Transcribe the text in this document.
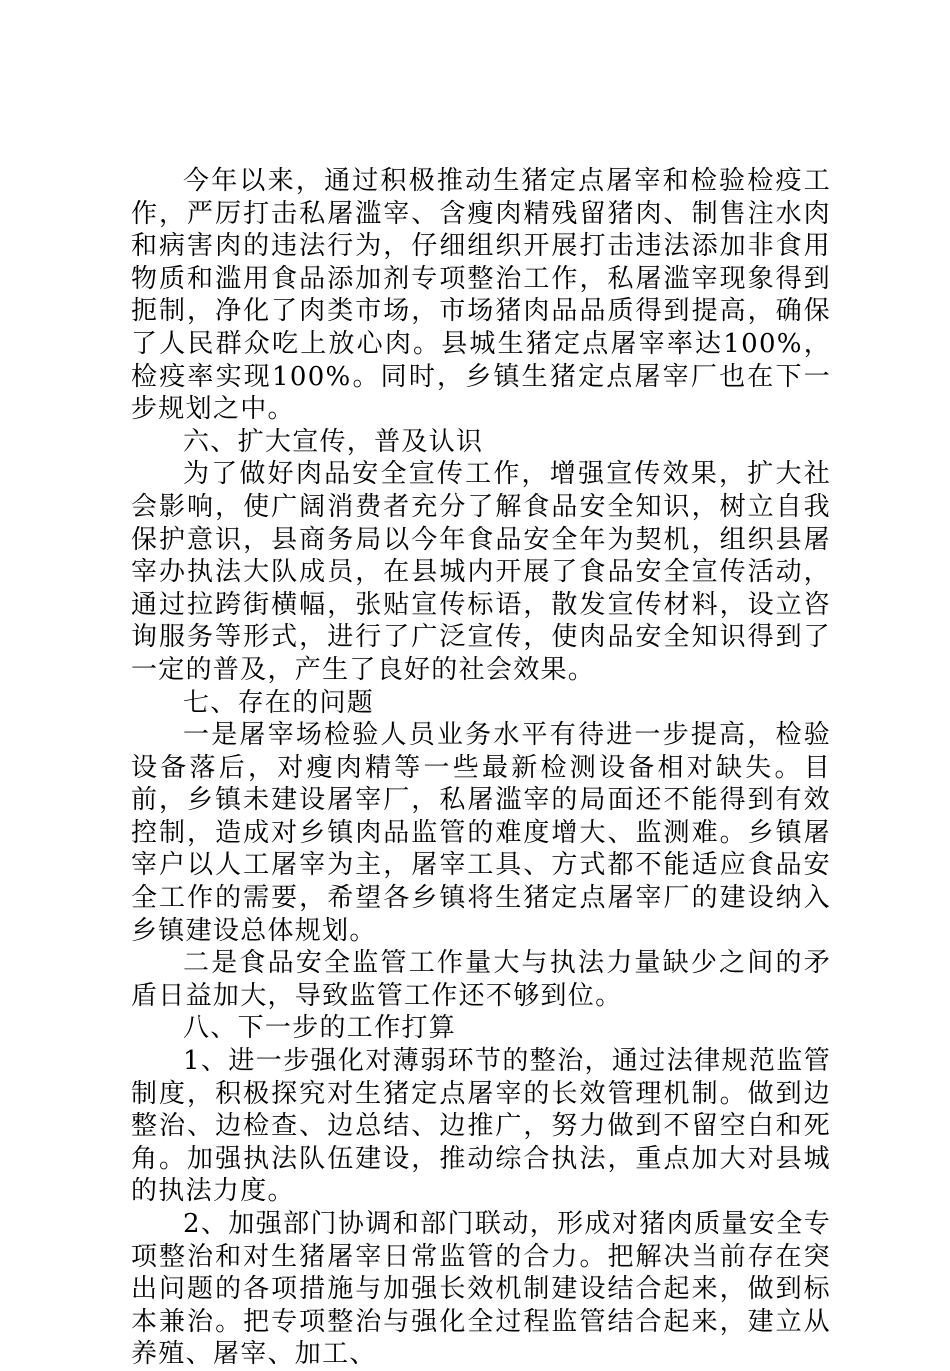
今年以来，通过积极推动生猪定点屠宰和检验检疫工作，严厉打击私屠滥宰、含瘦肉精残留猪肉、制售注水肉和病害肉的违法行为，仔细组织开展打击违法添加非食用物质和滥用食品添加剂专项整治工作，私屠滥宰现象得到扼制，净化了肉类市场，市场猪肉品品质得到提高，确保了人民群众吃上放心肉。县城生猪定点屠宰率达100%，检疫率实现100%。同时，乡镇生猪定点屠宰厂也在下一步规划之中。

六、扩大宣传，普及认识

为了做好肉品安全宣传工作，增强宣传效果，扩大社会影响，使广阔消费者充分了解食品安全知识，树立自我保护意识，县商务局以今年食品安全年为契机，组织县屠宰办执法大队成员，在县城内开展了食品安全宣传活动，通过拉跨街横幅，张贴宣传标语，散发宣传材料，设立咨询服务等形式，进行了广泛宣传，使肉品安全知识得到了一定的普及，产生了良好的社会效果。

七、存在的问题

一是屠宰场检验人员业务水平有待进一步提高，检验设备落后，对瘦肉精等一些最新检测设备相对缺失。目前，乡镇未建设屠宰厂，私屠滥宰的局面还不能得到有效控制，造成对乡镇肉品监管的难度增大、监测难。乡镇屠宰户以人工屠宰为主，屠宰工具、方式都不能适应食品安全工作的需要，希望各乡镇将生猪定点屠宰厂的建设纳入乡镇建设总体规划。

二是食品安全监管工作量大与执法力量缺少之间的矛盾日益加大，导致监管工作还不够到位。

八、下一步的工作打算

1、进一步强化对薄弱环节的整治，通过法律规范监管制度，积极探究对生猪定点屠宰的长效管理机制。做到边整治、边检查、边总结、边推广，努力做到不留空白和死角。加强执法队伍建设，推动综合执法，重点加大对县城的执法力度。

2、加强部门协调和部门联动，形成对猪肉质量安全专项整治和对生猪屠宰日常监管的合力。把解决当前存在突出问题的各项措施与加强长效机制建设结合起来，做到标本兼治。把专项整治与强化全过程监管结合起来，建立从养殖、屠宰、加工、
